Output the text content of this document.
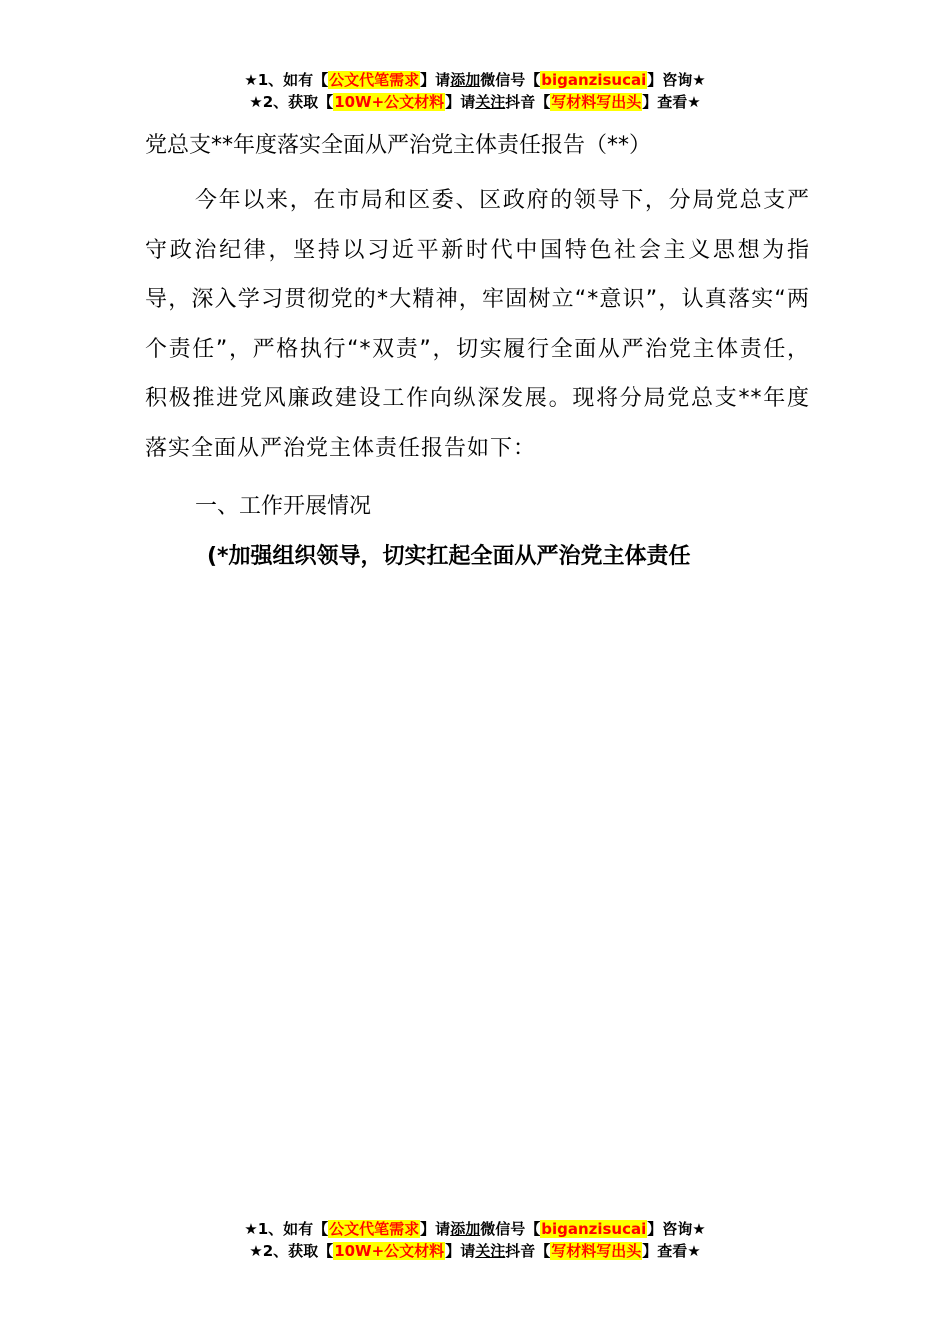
★1、如有【公文代笔需求】请添加微信号【biganzisucai】咨询★
★2、获取【10W+公文材料】请关注抖音【写材料写出头】查看★
党总支**年度落实全面从严治党主体责任报告（**）

今年以来，在市局和区委、区政府的领导下，分局党总支严守政治纪律，坚持以习近平新时代中国特色社会主义思想为指导，深入学习贯彻党的*大精神，牢固树立“*意识”，认真落实“两个责任”，严格执行“*双责”，切实履行全面从严治党主体责任，积极推进党风廉政建设工作向纵深发展。现将分局党总支**年度落实全面从严治党主体责任报告如下：

一、工作开展情况
(*加强组织领导，切实扛起全面从严治党主体责任
★1、如有【公文代笔需求】请添加微信号【biganzisucai】咨询★
★2、获取【10W+公文材料】请关注抖音【写材料写出头】查看★
